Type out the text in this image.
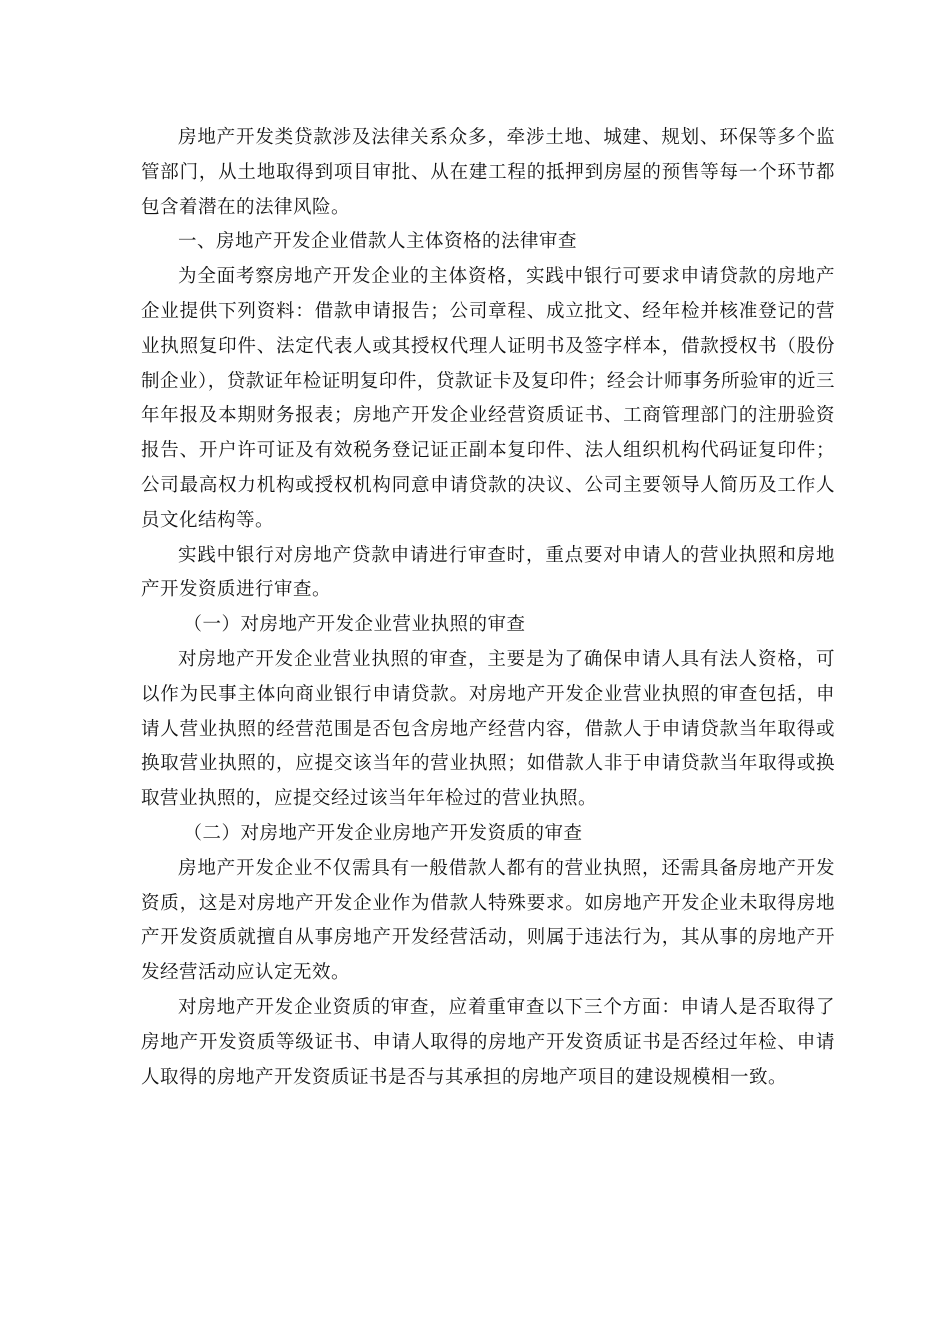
房地产开发类贷款涉及法律关系众多，牵涉土地、城建、规划、环保等多个监管部门，从土地取得到项目审批、从在建工程的抵押到房屋的预售等每一个环节都包含着潜在的法律风险。

一、房地产开发企业借款人主体资格的法律审查

为全面考察房地产开发企业的主体资格，实践中银行可要求申请贷款的房地产企业提供下列资料：借款申请报告；公司章程、成立批文、经年检并核准登记的营业执照复印件、法定代表人或其授权代理人证明书及签字样本，借款授权书（股份制企业），贷款证年检证明复印件，贷款证卡及复印件；经会计师事务所验审的近三年年报及本期财务报表；房地产开发企业经营资质证书、工商管理部门的注册验资报告、开户许可证及有效税务登记证正副本复印件、法人组织机构代码证复印件；公司最高权力机构或授权机构同意申请贷款的决议、公司主要领导人简历及工作人员文化结构等。

实践中银行对房地产贷款申请进行审查时，重点要对申请人的营业执照和房地产开发资质进行审查。

（一）对房地产开发企业营业执照的审查

对房地产开发企业营业执照的审查，主要是为了确保申请人具有法人资格，可以作为民事主体向商业银行申请贷款。对房地产开发企业营业执照的审查包括，申请人营业执照的经营范围是否包含房地产经营内容，借款人于申请贷款当年取得或换取营业执照的，应提交该当年的营业执照；如借款人非于申请贷款当年取得或换取营业执照的，应提交经过该当年年检过的营业执照。

（二）对房地产开发企业房地产开发资质的审查

房地产开发企业不仅需具有一般借款人都有的营业执照，还需具备房地产开发资质，这是对房地产开发企业作为借款人特殊要求。如房地产开发企业未取得房地产开发资质就擅自从事房地产开发经营活动，则属于违法行为，其从事的房地产开发经营活动应认定无效。

对房地产开发企业资质的审查，应着重审查以下三个方面：申请人是否取得了房地产开发资质等级证书、申请人取得的房地产开发资质证书是否经过年检、申请人取得的房地产开发资质证书是否与其承担的房地产项目的建设规模相一致。
